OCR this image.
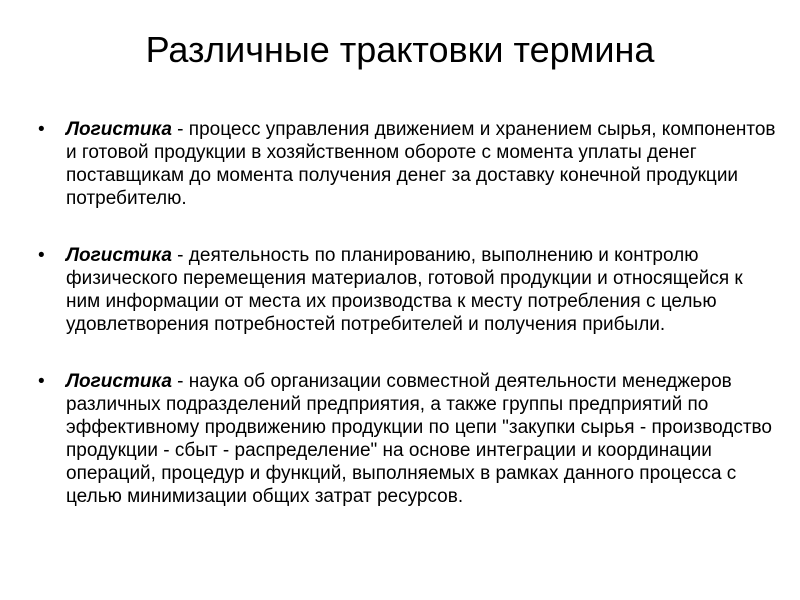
Различные трактовки термина
• Логистика - процесс управления движением и хранением сырья, компонентов и готовой продукции в хозяйственном обороте с момента уплаты денег поставщикам до момента получения денег за доставку конечной продукции потребителю.
• Логистика - деятельность по планированию, выполнению и контролю физического перемещения материалов, готовой продукции и относящейся к ним информации от места их производства к месту потребления с целью удовлетворения потребностей потребителей и получения прибыли.
• Логистика - наука об организации совместной деятельности менеджеров различных подразделений предприятия, а также группы предприятий по эффективному продвижению продукции по цепи "закупки сырья - производство продукции - сбыт - распределение" на основе интеграции и координации операций, процедур и функций, выполняемых в рамках данного процесса с целью минимизации общих затрат ресурсов.
